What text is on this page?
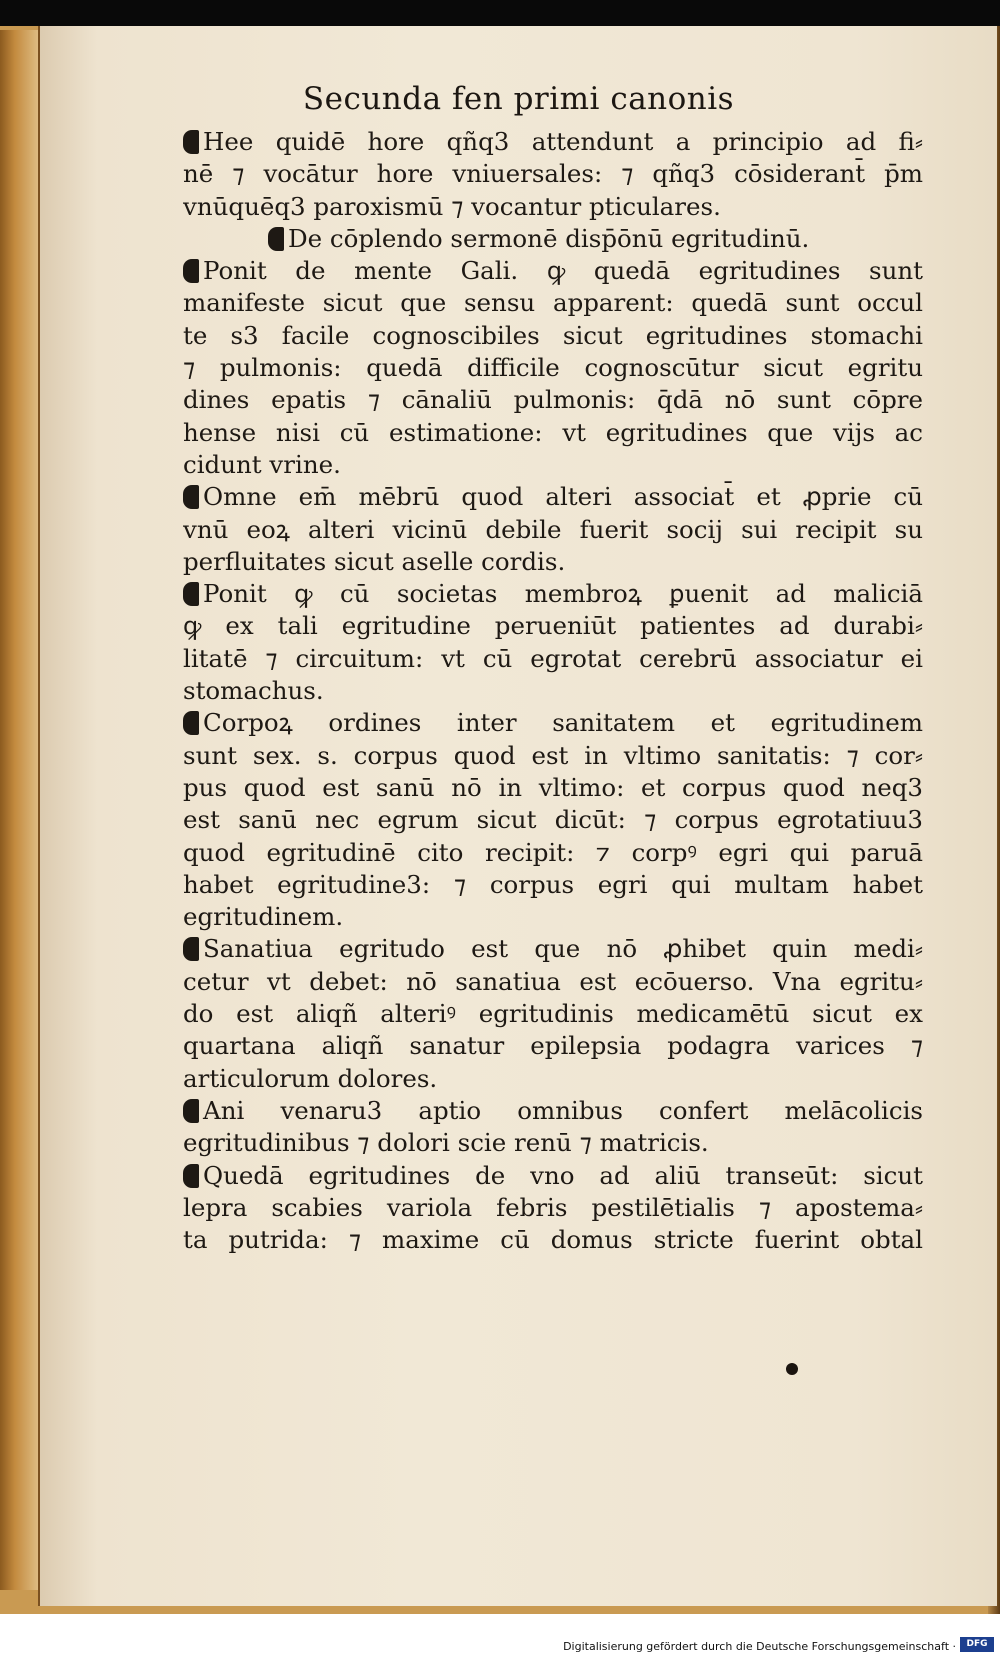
Secunda fen primi canonis
Hee quidē hore qñq3 attendunt a principio ad fi⸗
nē ⁊ vocātur hore vniuersales: ⁊ qñq3 cōsiderant̄ p̄m
vnūquēq3 paroxismū ⁊ vocantur pticulares.
De cōplendo sermonē disp̄ōnū egritudinū.
Ponit de mente Gali. ꝙ quedā egritudines sunt
manifeste sicut que sensu apparent: quedā sunt occul
te s3 facile cognoscibiles sicut egritudines stomachi
⁊ pulmonis: quedā difficile cognoscūtur sicut egritu
dines epatis ⁊ cānaliū pulmonis: q̄dā nō sunt cōpre
hense nisi cū estimatione: vt egritudines que vijs ac
cidunt vrine.
Omne em̄ mēbrū quod alteri associat̄ et ꝓprie cū
vnū eoꝝ alteri vicinū debile fuerit socij sui recipit su
perfluitates sicut aselle cordis.
Ponit ꝙ cū societas membroꝝ ꝑuenit ad maliciā
ꝙ ex tali egritudine perueniūt patientes ad durabi⸗
litatē ⁊ circuitum: vt cū egrotat cerebrū associatur ei
stomachus.
Corpoꝝ ordines inter sanitatem et egritudinem
sunt sex. s. corpus quod est in vltimo sanitatis: ⁊ cor⸗
pus quod est sanū nō in vltimo: et corpus quod neq3
est sanū nec egrum sicut dicūt: ⁊ corpus egrotatiuu3
quod egritudinē cito recipit: ⁊ corpꝰ egri qui paruā
habet egritudine3: ⁊ corpus egri qui multam habet
egritudinem.
Sanatiua egritudo est que nō ꝓhibet quin medi⸗
cetur vt debet: nō sanatiua est ecōuerso. Vna egritu⸗
do est aliqñ alteriꝰ egritudinis medicamētū sicut ex
quartana aliqñ sanatur epilepsia podagra varices ⁊
articulorum dolores.
Ani venaru3 aptio omnibus confert melācolicis
egritudinibus ⁊ dolori scie renū ⁊ matricis.
Quedā egritudines de vno ad aliū transeūt: sicut
lepra scabies variola febris pestilētialis ⁊ apostema⸗
ta putrida: ⁊ maxime cū domus stricte fuerint obtal
Digitalisierung gefördert durch die Deutsche Forschungsgemeinschaft ·	DFG
